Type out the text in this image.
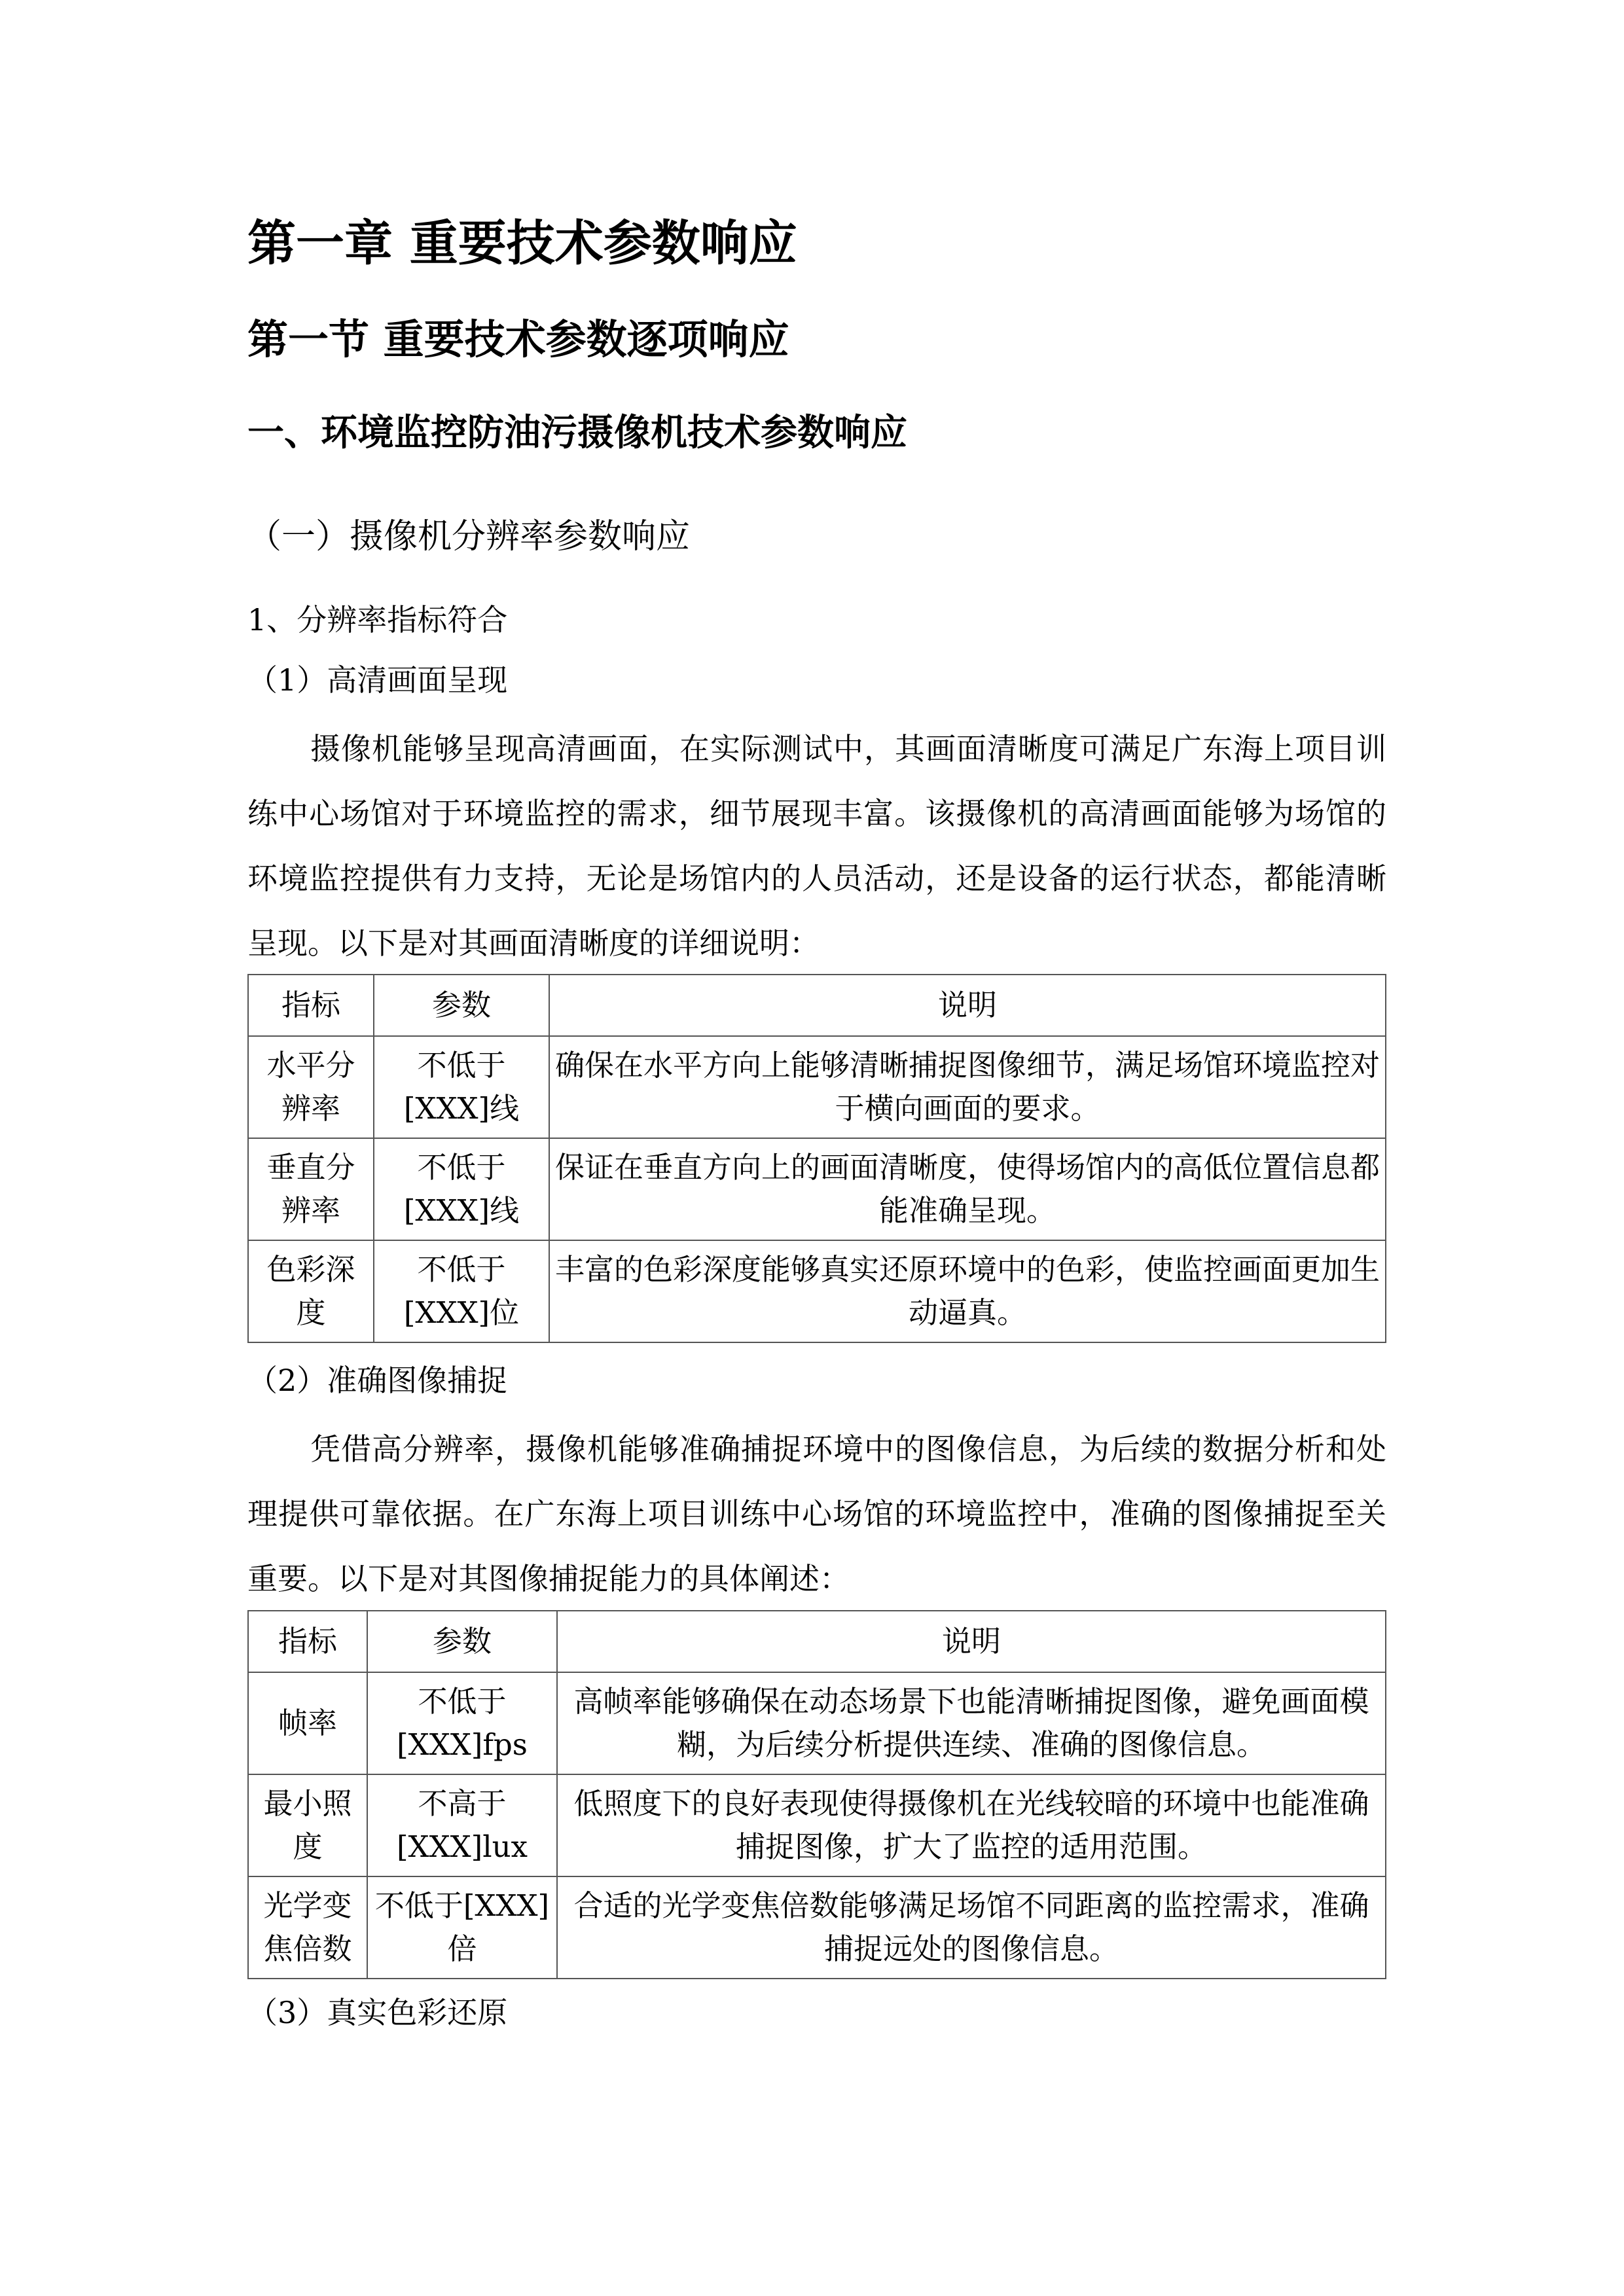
第一章 重要技术参数响应
第一节 重要技术参数逐项响应
一、环境监控防油污摄像机技术参数响应
（一）摄像机分辨率参数响应
1、分辨率指标符合
（1）高清画面呈现
摄像机能够呈现高清画面，在实际测试中，其画面清晰度可满足广东海上项目训练中心场馆对于环境监控的需求，细节展现丰富。该摄像机的高清画面能够为场馆的环境监控提供有力支持，无论是场馆内的人员活动，还是设备的运行状态，都能清晰呈现。以下是对其画面清晰度的详细说明：
指标	参数	说明
水平分辨率	不低于[XXX]线	确保在水平方向上能够清晰捕捉图像细节，满足场馆环境监控对于横向画面的要求。
垂直分辨率	不低于[XXX]线	保证在垂直方向上的画面清晰度，使得场馆内的高低位置信息都能准确呈现。
色彩深度	不低于[XXX]位	丰富的色彩深度能够真实还原环境中的色彩，使监控画面更加生动逼真。
（2）准确图像捕捉
凭借高分辨率，摄像机能够准确捕捉环境中的图像信息，为后续的数据分析和处理提供可靠依据。在广东海上项目训练中心场馆的环境监控中，准确的图像捕捉至关重要。以下是对其图像捕捉能力的具体阐述：
指标	参数	说明
帧率	不低于[XXX]fps	高帧率能够确保在动态场景下也能清晰捕捉图像，避免画面模糊，为后续分析提供连续、准确的图像信息。
最小照度	不高于[XXX]lux	低照度下的良好表现使得摄像机在光线较暗的环境中也能准确捕捉图像，扩大了监控的适用范围。
光学变焦倍数	不低于[XXX]倍	合适的光学变焦倍数能够满足场馆不同距离的监控需求，准确捕捉远处的图像信息。
（3）真实色彩还原
